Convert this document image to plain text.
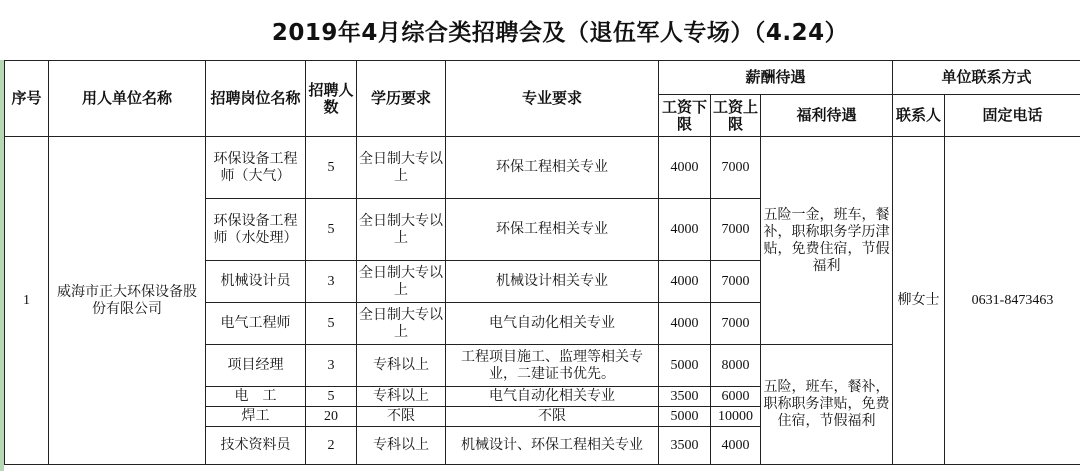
2019年4月综合类招聘会及（退伍军人专场）（4.24）
序号	用人单位名称	招聘岗位名称	招聘人数	学历要求	专业要求	薪酬待遇			单位联系方式	
						工资下限	工资上限	福利待遇	联系人	固定电话
1	威海市正大环保设备股份有限公司	环保设备工程师（大气）	5	全日制大专以上	环保工程相关专业	4000	7000	五险一金，班车，餐补，职称职务学历津贴，免费住宿，节假福利	柳女士	0631-8473463
		环保设备工程师（水处理）	5	全日制大专以上	环保工程相关专业	4000	7000			
		机械设计员	3	全日制大专以上	机械设计相关专业	4000	7000			
		电气工程师	5	全日制大专以上	电气自动化相关专业	4000	7000			
		项目经理	3	专科以上	工程项目施工、监理等相关专业，二建证书优先。	5000	8000	五险，班车，餐补，职称职务津贴，免费住宿，节假福利		
		电　工	5	专科以上	电气自动化相关专业	3500	6000			
		焊工	20	不限	不限	5000	10000			
		技术资料员	2	专科以上	机械设计、环保工程相关专业	3500	4000			
